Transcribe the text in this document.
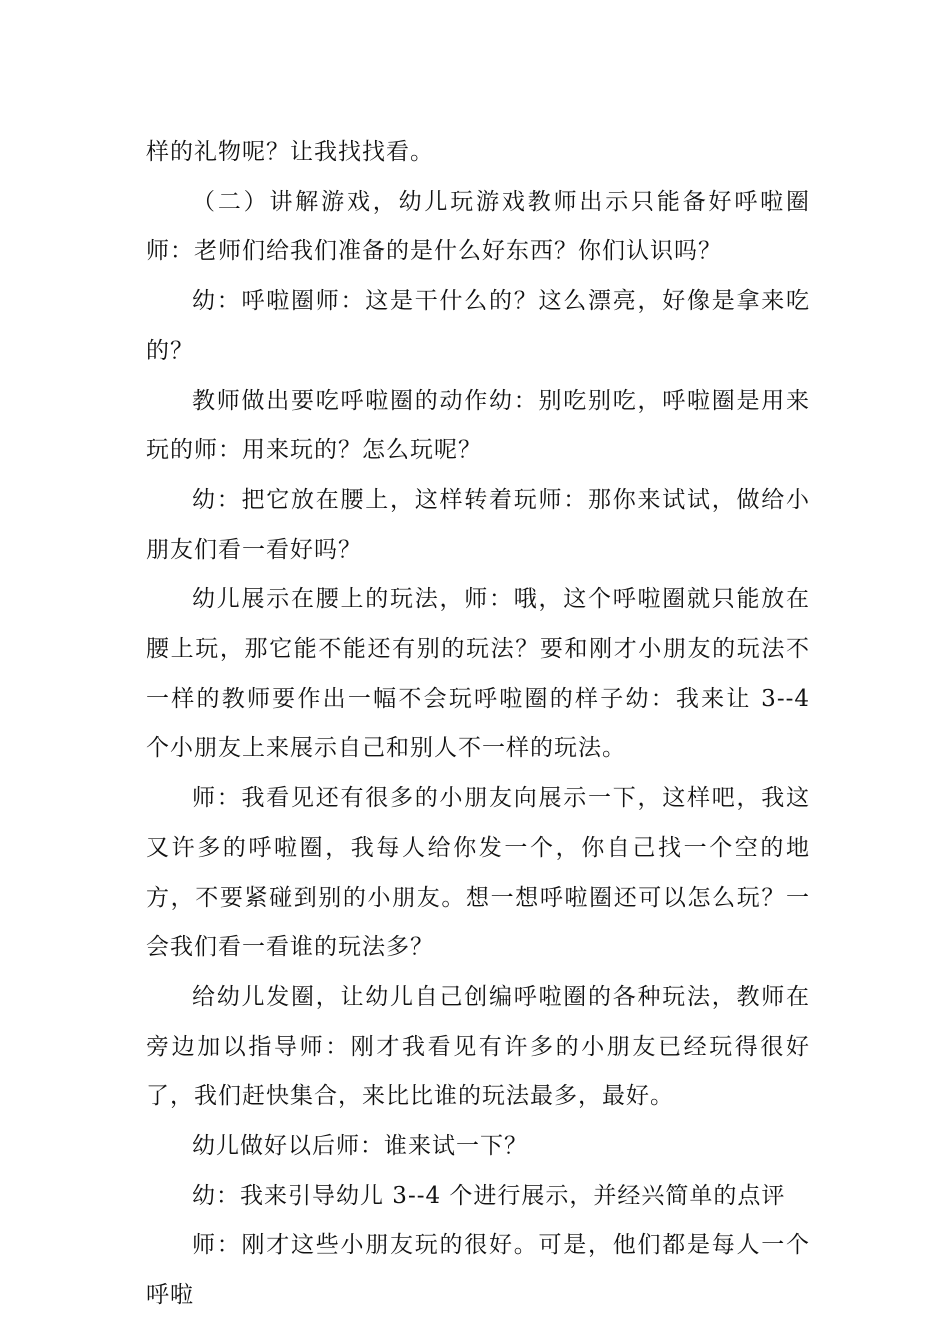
样的礼物呢？让我找找看。

（二）讲解游戏，幼儿玩游戏教师出示只能备好呼啦圈师：老师们给我们准备的是什么好东西？你们认识吗？

幼：呼啦圈师：这是干什么的？这么漂亮，好像是拿来吃的？

教师做出要吃呼啦圈的动作幼：别吃别吃，呼啦圈是用来玩的师：用来玩的？怎么玩呢？

幼：把它放在腰上，这样转着玩师：那你来试试，做给小朋友们看一看好吗？

幼儿展示在腰上的玩法，师：哦，这个呼啦圈就只能放在腰上玩，那它能不能还有别的玩法？要和刚才小朋友的玩法不一样的教师要作出一幅不会玩呼啦圈的样子幼：我来让 3--4 个小朋友上来展示自己和别人不一样的玩法。

师：我看见还有很多的小朋友向展示一下，这样吧，我这又许多的呼啦圈，我每人给你发一个，你自己找一个空的地方，不要紧碰到别的小朋友。想一想呼啦圈还可以怎么玩？一会我们看一看谁的玩法多？

给幼儿发圈，让幼儿自己创编呼啦圈的各种玩法，教师在旁边加以指导师：刚才我看见有许多的小朋友已经玩得很好了，我们赶快集合，来比比谁的玩法最多，最好。

幼儿做好以后师：谁来试一下？

幼：我来引导幼儿 3--4 个进行展示，并经兴简单的点评

师：刚才这些小朋友玩的很好。可是，他们都是每人一个呼啦
